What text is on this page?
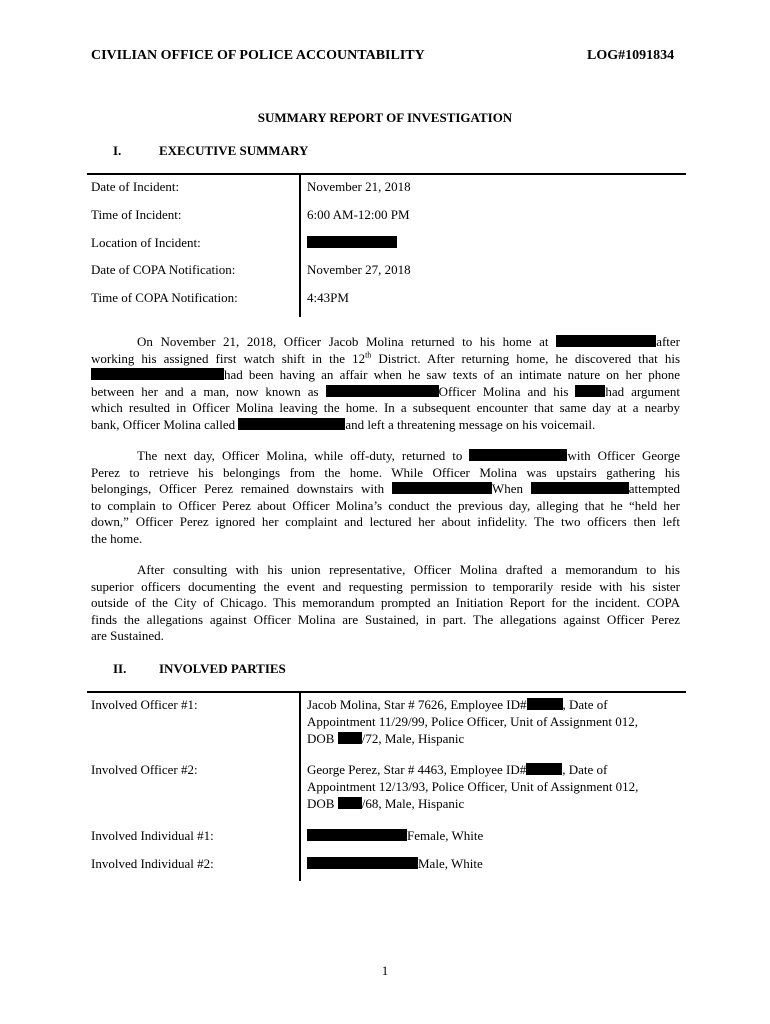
CIVILIAN OFFICE OF POLICE ACCOUNTABILITY	LOG#1091834
SUMMARY REPORT OF INVESTIGATION
I.	EXECUTIVE SUMMARY
Date of Incident:	November 21, 2018
Time of Incident:	6:00 AM-12:00 PM
Location of Incident:
Date of COPA Notification:	November 27, 2018
Time of COPA Notification:	4:43PM
On November 21, 2018, Officer Jacob Molina returned to his home at	after
working his assigned first watch shift in the 12th District. After returning home, he discovered that his
had been having an affair when he saw texts of an intimate nature on her phone
between her and a man, now known as	Officer Molina and his	had argument
which resulted in Officer Molina leaving the home. In a subsequent encounter that same day at a nearby
bank, Officer Molina called	and left a threatening message on his voicemail.
The next day, Officer Molina, while off-duty, returned to	with Officer George
Perez to retrieve his belongings from the home. While Officer Molina was upstairs gathering his
belongings, Officer Perez remained downstairs with	When	attempted
to complain to Officer Perez about Officer Molina’s conduct the previous day, alleging that he “held her
down,” Officer Perez ignored her complaint and lectured her about infidelity. The two officers then left
the home.
After consulting with his union representative, Officer Molina drafted a memorandum to his
superior officers documenting the event and requesting permission to temporarily reside with his sister
outside of the City of Chicago. This memorandum prompted an Initiation Report for the incident. COPA
finds the allegations against Officer Molina are Sustained, in part. The allegations against Officer Perez
are Sustained.
II.	INVOLVED PARTIES
Involved Officer #1:	Jacob Molina, Star # 7626, Employee ID#	, Date of
Appointment 11/29/99, Police Officer, Unit of Assignment 012,
DOB /72, Male, Hispanic
Involved Officer #2:	George Perez, Star # 4463, Employee ID#	, Date of
Appointment 12/13/93, Police Officer, Unit of Assignment 012,
DOB /68, Male, Hispanic
Involved Individual #1:	Female, White
Involved Individual #2:	Male, White
1
